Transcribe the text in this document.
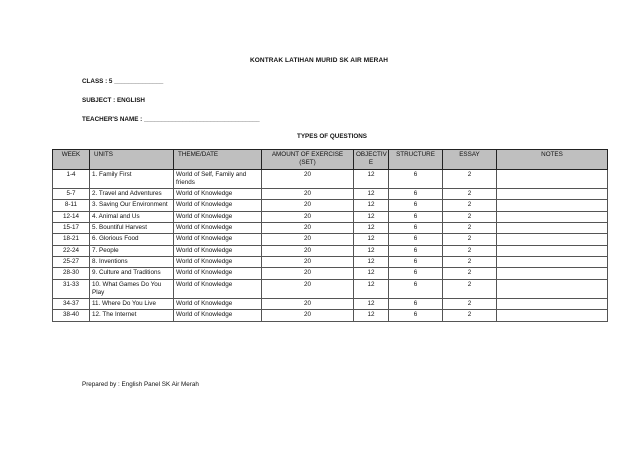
KONTRAK LATIHAN MURID SK AIR MERAH
CLASS : 5 ______________
SUBJECT : ENGLISH
TEACHER'S NAME : _________________________________
TYPES OF QUESTIONS
WEEK	UNITS	THEME/DATE	AMOUNT OF EXERCISE (SET)	OBJECTIV E	STRUCTURE	ESSAY	NOTES
1-4	1. Family First	World of Self, Family and friends	20	12	6	2	
5-7	2. Travel and Adventures	World of Knowledge	20	12	6	2	
8-11	3. Saving Our Environment	World of Knowledge	20	12	6	2	
12-14	4. Animal and Us	World of Knowledge	20	12	6	2	
15-17	5. Bountiful Harvest	World of Knowledge	20	12	6	2	
18-21	6. Glorious Food	World of Knowledge	20	12	6	2	
22-24	7. People	World of Knowledge	20	12	6	2	
25-27	8. Inventions	World of Knowledge	20	12	6	2	
28-30	9. Culture and Traditions	World of Knowledge	20	12	6	2	
31-33	10. What Games Do You Play	World of Knowledge	20	12	6	2	
34-37	11. Where Do You Live	World of Knowledge	20	12	6	2	
38-40	12. The Internet	World of Knowledge	20	12	6	2	
Prepared by : English Panel SK Air Merah
